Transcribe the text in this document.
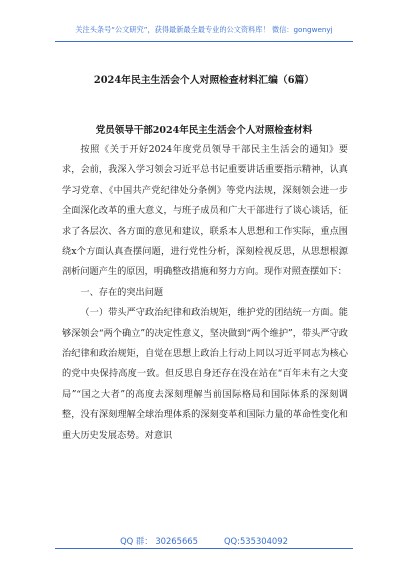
关注头条号“公文研究”，获得最新最全最专业的公文资料库！ 微信：gongwenyj
2024年民主生活会个人对照检查材料汇编（6篇）
党员领导干部2024年民主生活会个人对照检查材料

按照《关于开好2024年度党员领导干部民主生活会的通知》要求，会前，我深入学习领会习近平总书记重要讲话重要指示精神，认真学习党章、《中国共产党纪律处分条例》等党内法规，深刻领会进一步全面深化改革的重大意义，与班子成员和广大干部进行了谈心谈话，征求了各层次、各方面的意见和建议，联系本人思想和工作实际，重点围绕x个方面认真查摆问题，进行党性分析，深刻检视反思，从思想根源剖析问题产生的原因，明确整改措施和努力方向。现作对照查摆如下：

一、存在的突出问题

（一）带头严守政治纪律和政治规矩，维护党的团结统一方面。能够深领会“两个确立”的决定性意义，坚决做到“两个维护”，带头严守政治纪律和政治规矩，自觉在思想上政治上行动上同以习近平同志为核心的党中央保持高度一致。但反思自身还存在没在站在“百年未有之大变局”“国之大者”的高度去深刻理解当前国际格局和国际体系的深刻调整，没有深刻理解全球治理体系的深刻变革和国际力量的革命性变化和重大历史发展态势。对意识

QQ 群： 30265665	QQ:535304092
